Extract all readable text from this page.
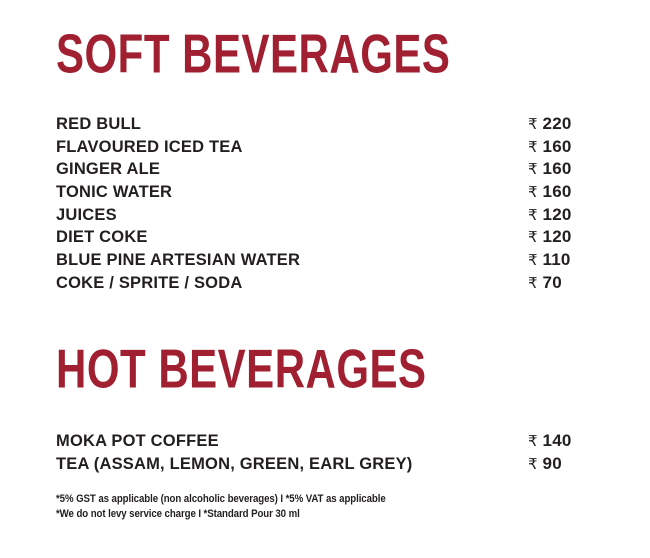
SOFT BEVERAGES
RED BULL	₹ 220
FLAVOURED ICED TEA	₹ 160
GINGER ALE	₹ 160
TONIC WATER	₹ 160
JUICES	₹ 120
DIET COKE	₹ 120
BLUE PINE ARTESIAN WATER	₹ 110
COKE / SPRITE / SODA	₹ 70
HOT BEVERAGES
MOKA POT COFFEE	₹ 140
TEA (ASSAM, LEMON, GREEN, EARL GREY)	₹ 90
*5% GST as applicable (non alcoholic beverages) I *5% VAT as applicable
*We do not levy service charge I *Standard Pour 30 ml
